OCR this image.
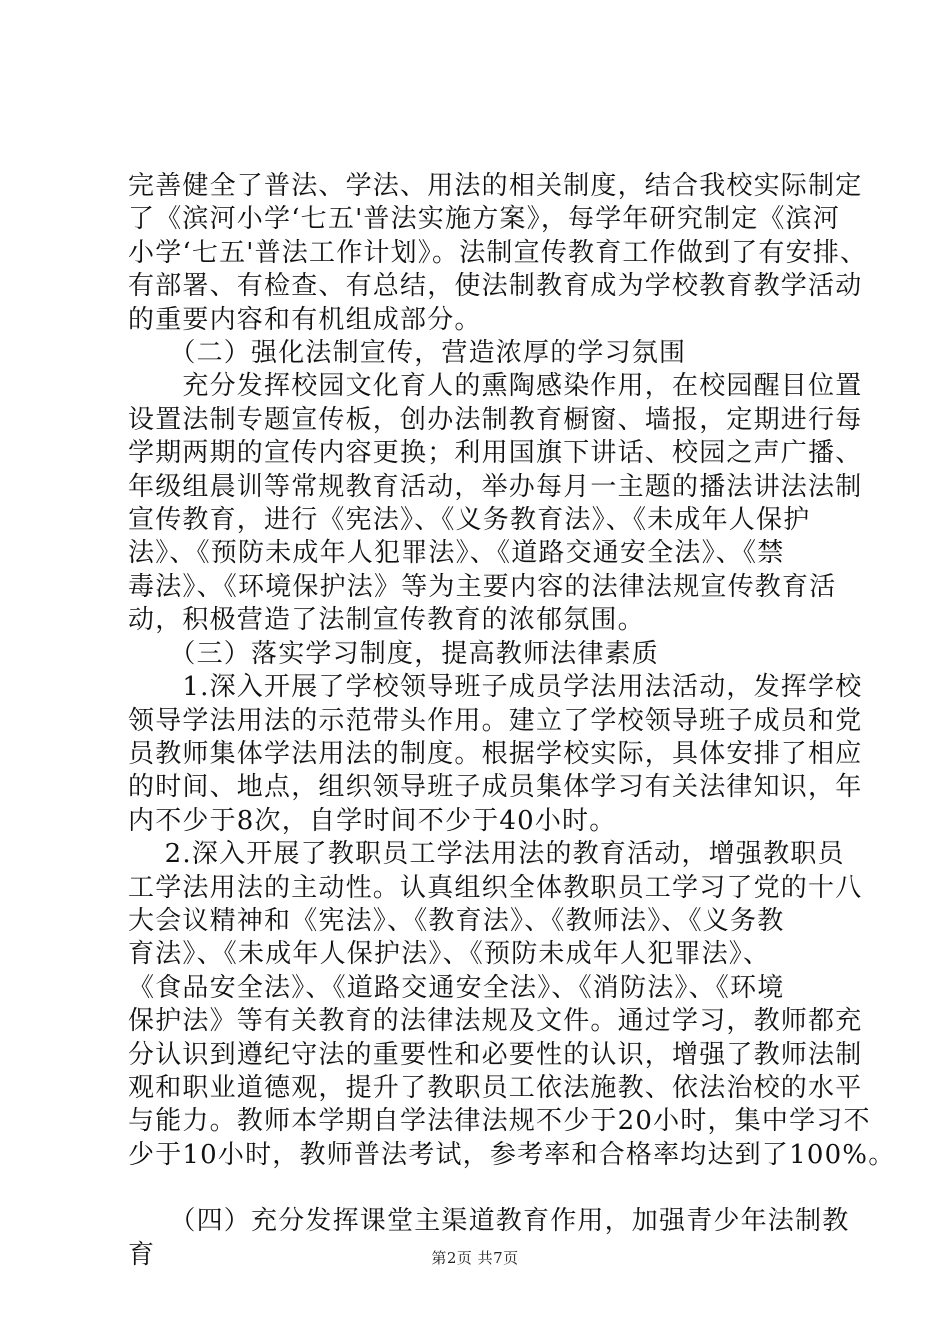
完善健全了普法、学法、用法的相关制度，结合我校实际制定
了《滨河小学‘七五'普法实施方案》，每学年研究制定《滨河
小学‘七五'普法工作计划》。法制宣传教育工作做到了有安排、
有部署、有检查、有总结，使法制教育成为学校教育教学活动
的重要内容和有机组成部分。
　　（二）强化法制宣传，营造浓厚的学习氛围
　　充分发挥校园文化育人的熏陶感染作用，在校园醒目位置
设置法制专题宣传板，创办法制教育橱窗、墙报，定期进行每
学期两期的宣传内容更换；利用国旗下讲话、校园之声广播、
年级组晨训等常规教育活动，举办每月一主题的播法讲法法制
宣传教育，进行《宪法》、《义务教育法》、《未成年人保护
法》、《预防未成年人犯罪法》、《道路交通安全法》、《禁
毒法》、《环境保护法》等为主要内容的法律法规宣传教育活
动，积极营造了法制宣传教育的浓郁氛围。
　　（三）落实学习制度，提高教师法律素质
　　1.深入开展了学校领导班子成员学法用法活动，发挥学校
领导学法用法的示范带头作用。建立了学校领导班子成员和党
员教师集体学法用法的制度。根据学校实际，具体安排了相应
的时间、地点，组织领导班子成员集体学习有关法律知识，年
内不少于8次，自学时间不少于40小时。
　 2.深入开展了教职员工学法用法的教育活动，增强教职员
工学法用法的主动性。认真组织全体教职员工学习了党的十八
大会议精神和《宪法》、《教育法》、《教师法》、《义务教
育法》、《未成年人保护法》、《预防未成年人犯罪法》、
《食品安全法》、《道路交通安全法》、《消防法》、《环境
保护法》等有关教育的法律法规及文件。通过学习，教师都充
分认识到遵纪守法的重要性和必要性的认识，增强了教师法制
观和职业道德观，提升了教职员工依法施教、依法治校的水平
与能力。教师本学期自学法律法规不少于20小时，集中学习不
少于10小时，教师普法考试，参考率和合格率均达到了100%。
　　（四）充分发挥课堂主渠道教育作用，加强青少年法制教
育	第2页 共7页
